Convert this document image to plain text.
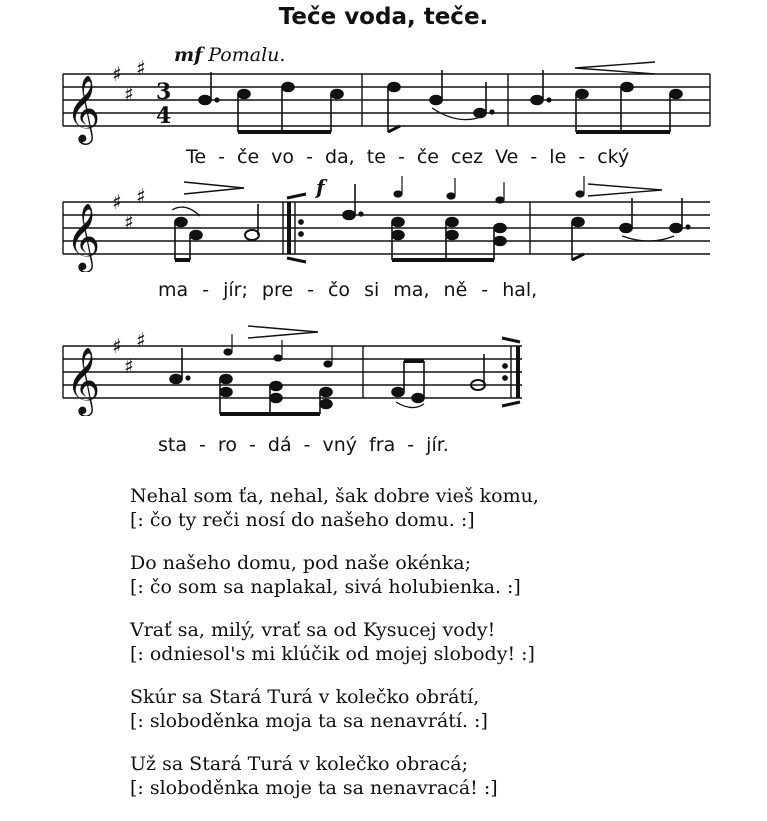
Teče voda, teče.
mf Pomalu.
𝄞 ♯
♯
♯
3
4
Te - če vo - da, te - če cez Ve - le - cký
f
𝄞 ♯
♯
♯
ma - jír; pre - čo si ma, ně - hal,
𝄞 ♯
♯
♯
sta - ro - dá - vný fra - jír.
Nehal som ťa, nehal, šak dobre vieš komu,
[: čo ty reči nosí do našeho domu. :]
Do našeho domu, pod naše okénka;
[: čo som sa naplakal, sivá holubienka. :]
Vrať sa, milý, vrať sa od Kysucej vody!
[: odniesol's mi klúčik od mojej slobody! :]
Skúr sa Stará Turá v kolečko obrátí,
[: sloboděnka moja ta sa nenavrátí. :]
Už sa Stará Turá v kolečko obracá;
[: sloboděnka moje ta sa nenavracá! :]
